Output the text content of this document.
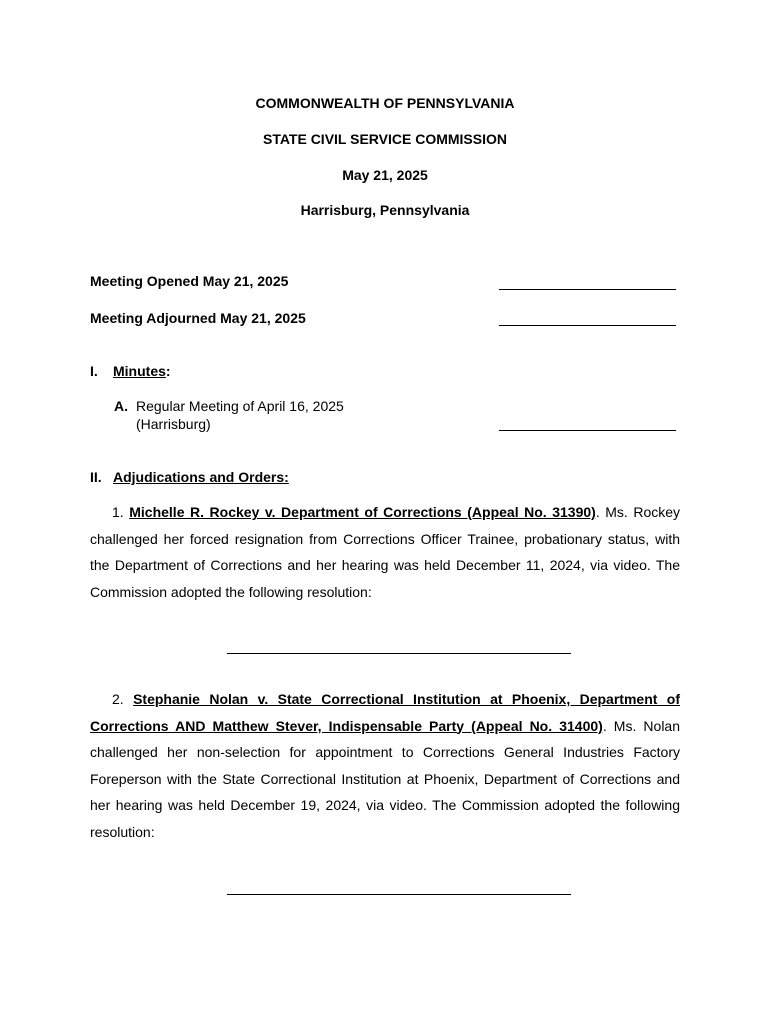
COMMONWEALTH OF PENNSYLVANIA
STATE CIVIL SERVICE COMMISSION
May 21, 2025
Harrisburg, Pennsylvania
Meeting Opened May 21, 2025
Meeting Adjourned May 21, 2025
I. Minutes:
A. Regular Meeting of April 16, 2025
(Harrisburg)
II. Adjudications and Orders:
1. Michelle R. Rockey v. Department of Corrections (Appeal No. 31390). Ms. Rockey challenged her forced resignation from Corrections Officer Trainee, probationary status, with the Department of Corrections and her hearing was held December 11, 2024, via video. The Commission adopted the following resolution:
2. Stephanie Nolan v. State Correctional Institution at Phoenix, Department of Corrections AND Matthew Stever, Indispensable Party (Appeal No. 31400). Ms. Nolan challenged her non-selection for appointment to Corrections General Industries Factory Foreperson with the State Correctional Institution at Phoenix, Department of Corrections and her hearing was held December 19, 2024, via video. The Commission adopted the following resolution:
